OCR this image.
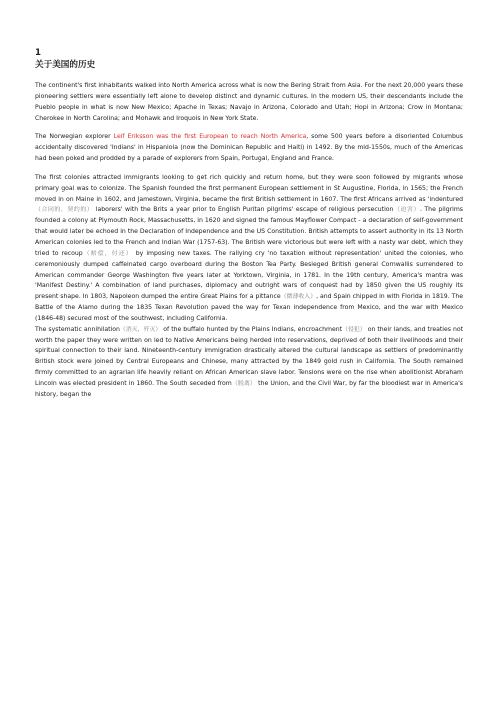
1
关于美国的历史

The continent's first inhabitants walked into North America across what is now the Bering Strait from Asia. For the next 20,000 years these pioneering settlers were essentially left alone to develop distinct and dynamic cultures. In the modern US, their descendants include the Pueblo people in what is now New Mexico; Apache in Texas; Navajo in Arizona, Colorado and Utah; Hopi in Arizona; Crow in Montana; Cherokee in North Carolina; and Mohawk and Iroquois in New York State.

The Norwegian explorer Leif Eriksson was the first European to reach North America, some 500 years before a disoriented Columbus accidentally discovered 'Indians' in Hispaniola (now the Dominican Republic and Haiti) in 1492. By the mid-1550s, much of the Americas had been poked and prodded by a parade of explorers from Spain, Portugal, England and France.

The first colonies attracted immigrants looking to get rich quickly and return home, but they were soon followed by migrants whose primary goal was to colonize. The Spanish founded the first permanent European settlement in St Augustine, Florida, in 1565; the French moved in on Maine in 1602, and Jamestown, Virginia, became the first British settlement in 1607. The first Africans arrived as 'indentured（合同的，契约的） laborers' with the Brits a year prior to English Puritan pilgrims' escape of religious persecution（迫害）. The pilgrims founded a colony at Plymouth Rock, Massachusetts, in 1620 and signed the famous Mayflower Compact - a declaration of self-government that would later be echoed in the Declaration of Independence and the US Constitution. British attempts to assert authority in its 13 North American colonies led to the French and Indian War (1757-63). The British were victorious but were left with a nasty war debt, which they tried to recoup（赔偿，付还） by imposing new taxes. The rallying cry 'no taxation without representation' united the colonies, who ceremoniously dumped caffeinated cargo overboard during the Boston Tea Party. Besieged British general Cornwallis surrendered to American commander George Washington five years later at Yorktown, Virginia, in 1781. In the 19th century, America's mantra was 'Manifest Destiny.' A combination of land purchases, diplomacy and outright wars of conquest had by 1850 given the US roughly its present shape. In 1803, Napoleon dumped the entire Great Plains for a pittance（微薄收入）, and Spain chipped in with Florida in 1819. The Battle of the Alamo during the 1835 Texan Revolution paved the way for Texan independence from Mexico, and the war with Mexico (1846-48) secured most of the southwest, including California.

The systematic annihilation（消灭，歼灭） of the buffalo hunted by the Plains Indians, encroachment（侵犯） on their lands, and treaties not worth the paper they were written on led to Native Americans being herded into reservations, deprived of both their livelihoods and their spiritual connection to their land. Nineteenth-century immigration drastically altered the cultural landscape as settlers of predominantly British stock were joined by Central Europeans and Chinese, many attracted by the 1849 gold rush in California. The South remained firmly committed to an agrarian life heavily reliant on African American slave labor. Tensions were on the rise when abolitionist Abraham Lincoln was elected president in 1860. The South seceded from（脱离） the Union, and the Civil War, by far the bloodiest war in America's history, began the
